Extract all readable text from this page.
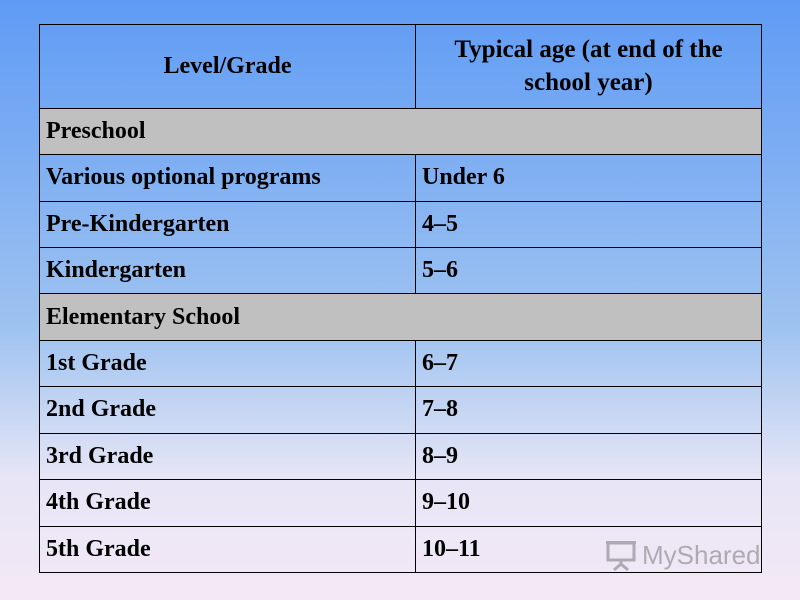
Level/Grade	Typical age (at end of the school year)
Preschool	
Various optional programs	Under 6
Pre-Kindergarten	4–5
Kindergarten	5–6
Elementary School	
1st Grade	6–7
2nd Grade	7–8
3rd Grade	8–9
4th Grade	9–10
5th Grade	10–11	MyShared
